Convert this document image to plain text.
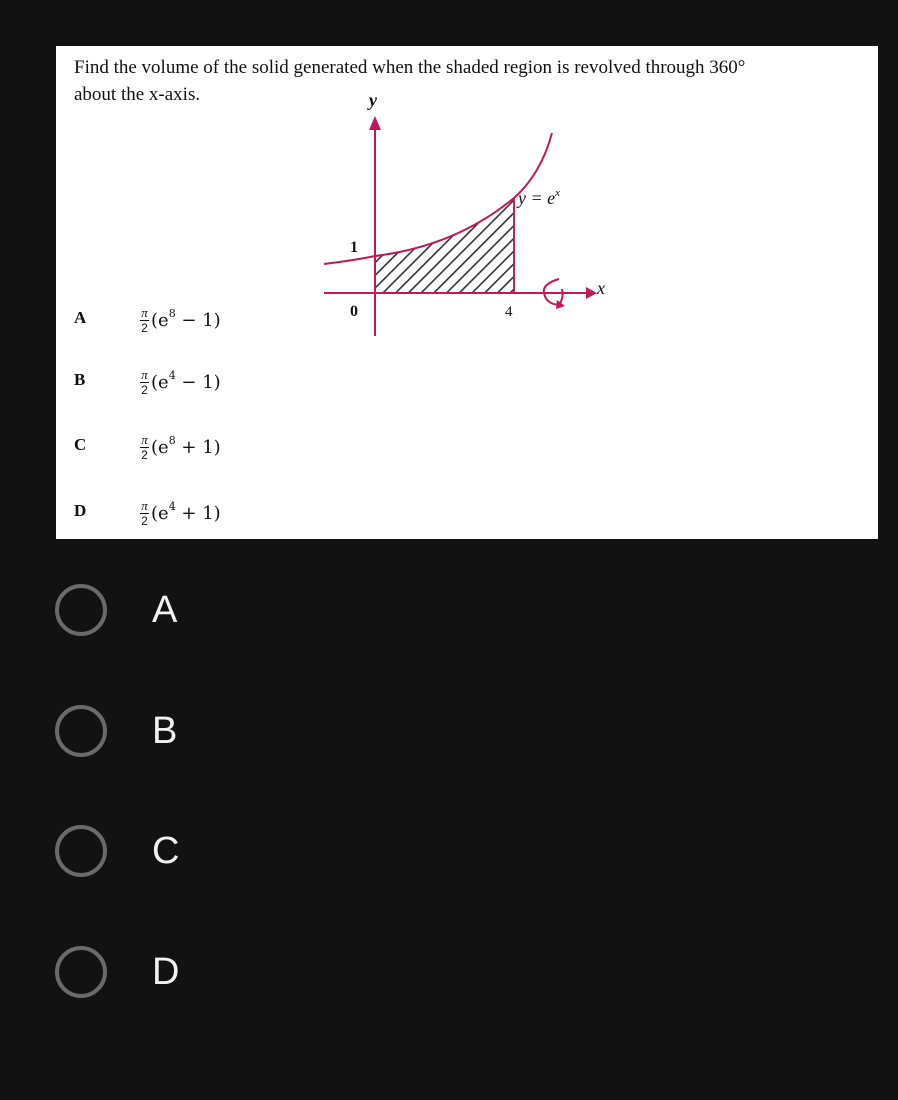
Find the volume of the solid generated when the shaded region is revolved through 360°
about the x-axis.	y
x
$y = e^x$
1
0	4
A	$\frac{\pi}{2} (e^8 - 1)$
B	$\frac{\pi}{2} (e^4 - 1)$
C	$\frac{\pi}{2} (e^8 + 1)$
D	$\frac{\pi}{2} (e^4 + 1)$
A
B
C
D
